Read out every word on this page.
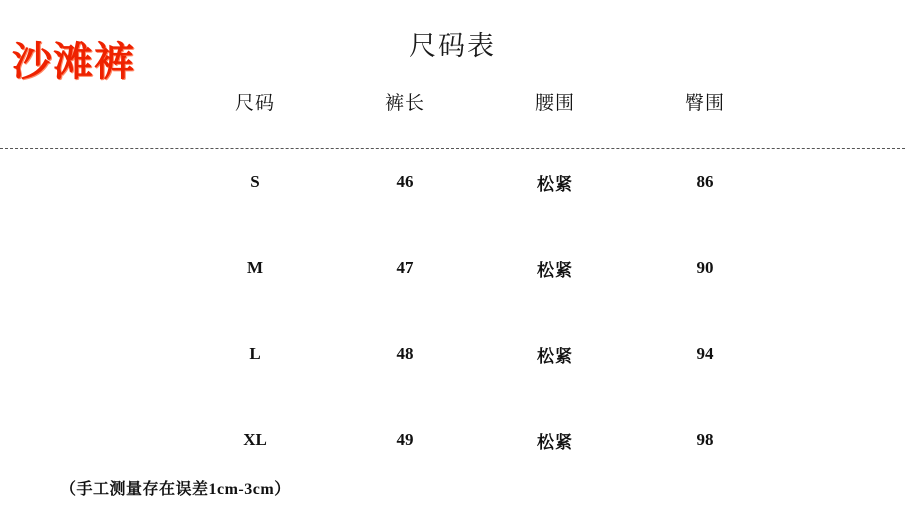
沙滩裤	尺码表
尺码	裤长	腰围	臀围
S	46	松紧	86
M	47	松紧	90
L	48	松紧	94
XL	49	松紧	98
（手工测量存在误差1cm-3cm）
